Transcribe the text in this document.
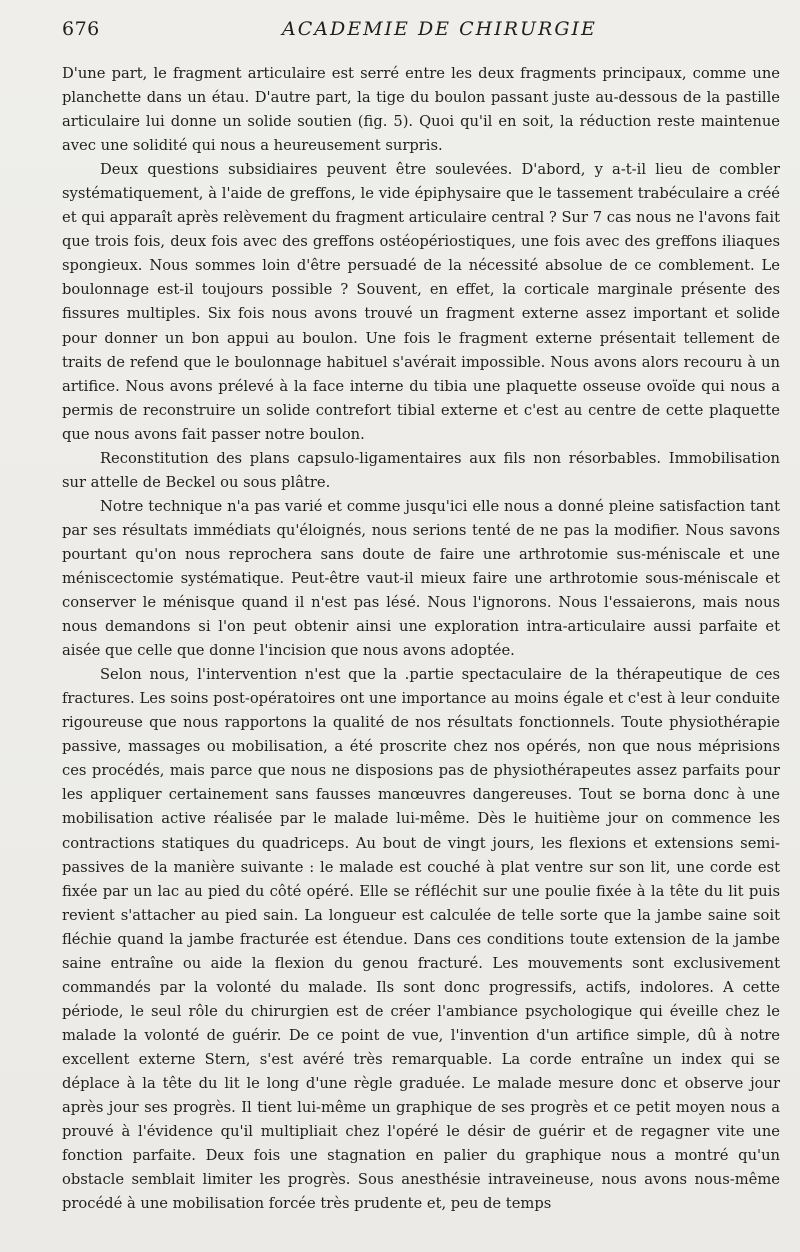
676	ACADEMIE DE CHIRURGIE

D'une part, le fragment articulaire est serré entre les deux fragments principaux, comme une planchette dans un étau. D'autre part, la tige du boulon passant juste au-dessous de la pastille articulaire lui donne un solide soutien (fig. 5). Quoi qu'il en soit, la réduction reste maintenue avec une solidité qui nous a heureusement surpris.

Deux questions subsidiaires peuvent être soulevées. D'abord, y a-t-il lieu de combler systématiquement, à l'aide de greffons, le vide épiphysaire que le tassement trabéculaire a créé et qui apparaît après relèvement du fragment articulaire central ? Sur 7 cas nous ne l'avons fait que trois fois, deux fois avec des greffons ostéopériostiques, une fois avec des greffons iliaques spongieux. Nous sommes loin d'être persuadé de la nécessité absolue de ce comblement. Le boulonnage est-il toujours possible ? Souvent, en effet, la corticale marginale présente des fissures multiples. Six fois nous avons trouvé un fragment externe assez important et solide pour donner un bon appui au boulon. Une fois le fragment externe présentait tellement de traits de refend que le boulonnage habituel s'avérait impossible. Nous avons alors recouru à un artifice. Nous avons prélevé à la face interne du tibia une plaquette osseuse ovoïde qui nous a permis de reconstruire un solide contrefort tibial externe et c'est au centre de cette plaquette que nous avons fait passer notre boulon.

Reconstitution des plans capsulo-ligamentaires aux fils non résorbables. Immobilisation sur attelle de Beckel ou sous plâtre.

Notre technique n'a pas varié et comme jusqu'ici elle nous a donné pleine satisfaction tant par ses résultats immédiats qu'éloignés, nous serions tenté de ne pas la modifier. Nous savons pourtant qu'on nous reprochera sans doute de faire une arthrotomie sus-méniscale et une méniscectomie systématique. Peut-être vaut-il mieux faire une arthrotomie sous-méniscale et conserver le ménisque quand il n'est pas lésé. Nous l'ignorons. Nous l'essaierons, mais nous nous demandons si l'on peut obtenir ainsi une exploration intra-articulaire aussi parfaite et aisée que celle que donne l'incision que nous avons adoptée.

Selon nous, l'intervention n'est que la .partie spectaculaire de la thérapeutique de ces fractures. Les soins post-opératoires ont une importance au moins égale et c'est à leur conduite rigoureuse que nous rapportons la qualité de nos résultats fonctionnels. Toute physiothérapie passive, massages ou mobilisation, a été proscrite chez nos opérés, non que nous méprisions ces procédés, mais parce que nous ne disposions pas de physiothérapeutes assez parfaits pour les appliquer certainement sans fausses manœuvres dangereuses. Tout se borna donc à une mobilisation active réalisée par le malade lui-même. Dès le huitième jour on commence les contractions statiques du quadriceps. Au bout de vingt jours, les flexions et extensions semi-passives de la manière suivante : le malade est couché à plat ventre sur son lit, une corde est fixée par un lac au pied du côté opéré. Elle se réfléchit sur une poulie fixée à la tête du lit puis revient s'attacher au pied sain. La longueur est calculée de telle sorte que la jambe saine soit fléchie quand la jambe fracturée est étendue. Dans ces conditions toute extension de la jambe saine entraîne ou aide la flexion du genou fracturé. Les mouvements sont exclusivement commandés par la volonté du malade. Ils sont donc progressifs, actifs, indolores. A cette période, le seul rôle du chirurgien est de créer l'ambiance psychologique qui éveille chez le malade la volonté de guérir. De ce point de vue, l'invention d'un artifice simple, dû à notre excellent externe Stern, s'est avéré très remarquable. La corde entraîne un index qui se déplace à la tête du lit le long d'une règle graduée. Le malade mesure donc et observe jour après jour ses progrès. Il tient lui-même un graphique de ses progrès et ce petit moyen nous a prouvé à l'évidence qu'il multipliait chez l'opéré le désir de guérir et de regagner vite une fonction parfaite. Deux fois une stagnation en palier du graphique nous a montré qu'un obstacle semblait limiter les progrès. Sous anesthésie intraveineuse, nous avons nous-même procédé à une mobilisation forcée très prudente et, peu de temps
